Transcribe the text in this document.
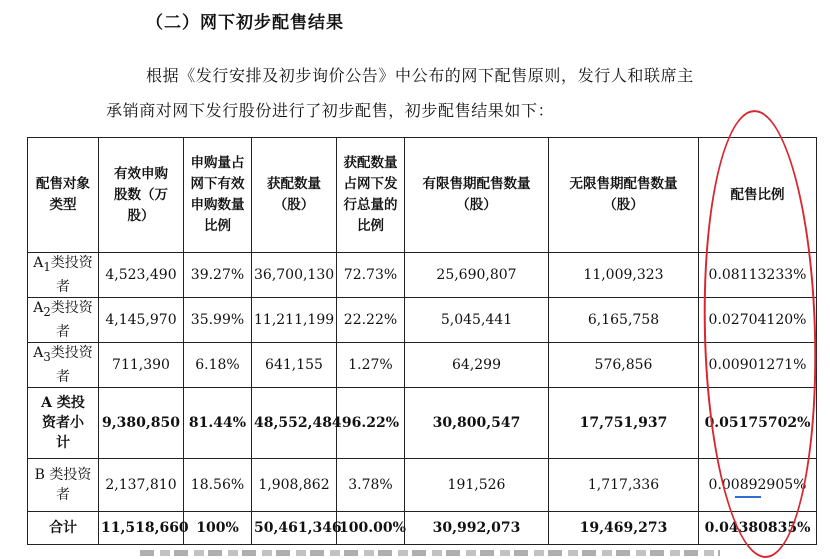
（二）网下初步配售结果
根据《发行安排及初步询价公告》中公布的网下配售原则，发行人和联席主
承销商对网下发行股份进行了初步配售，初步配售结果如下：
配售对象类型	有效申购股数（万股）	申购量占网下有效申购数量比例	获配数量（股）	获配数量占网下发行总量的比例	有限售期配售数量（股）	无限售期配售数量（股）	配售比例
$A_1$类投资者	4,523,490	39.27%	36,700,130	72.73%	25,690,807	11,009,323	0.08113233%
$A_2$类投资者	4,145,970	35.99%	11,211,199	22.22%	5,045,441	6,165,758	0.02704120%
$A_3$类投资者	711,390	6.18%	641,155	1.27%	64,299	576,856	0.00901271%
A 类投资者小计	9,380,850	81.44%	48,552,484	96.22%	30,800,547	17,751,937	0.05175702%
B 类投资者	2,137,810	18.56%	1,908,862	3.78%	191,526	1,717,336	0.00892905%
合计	11,518,660	100%	50,461,346	100.00%	30,992,073	19,469,273	0.04380835%
